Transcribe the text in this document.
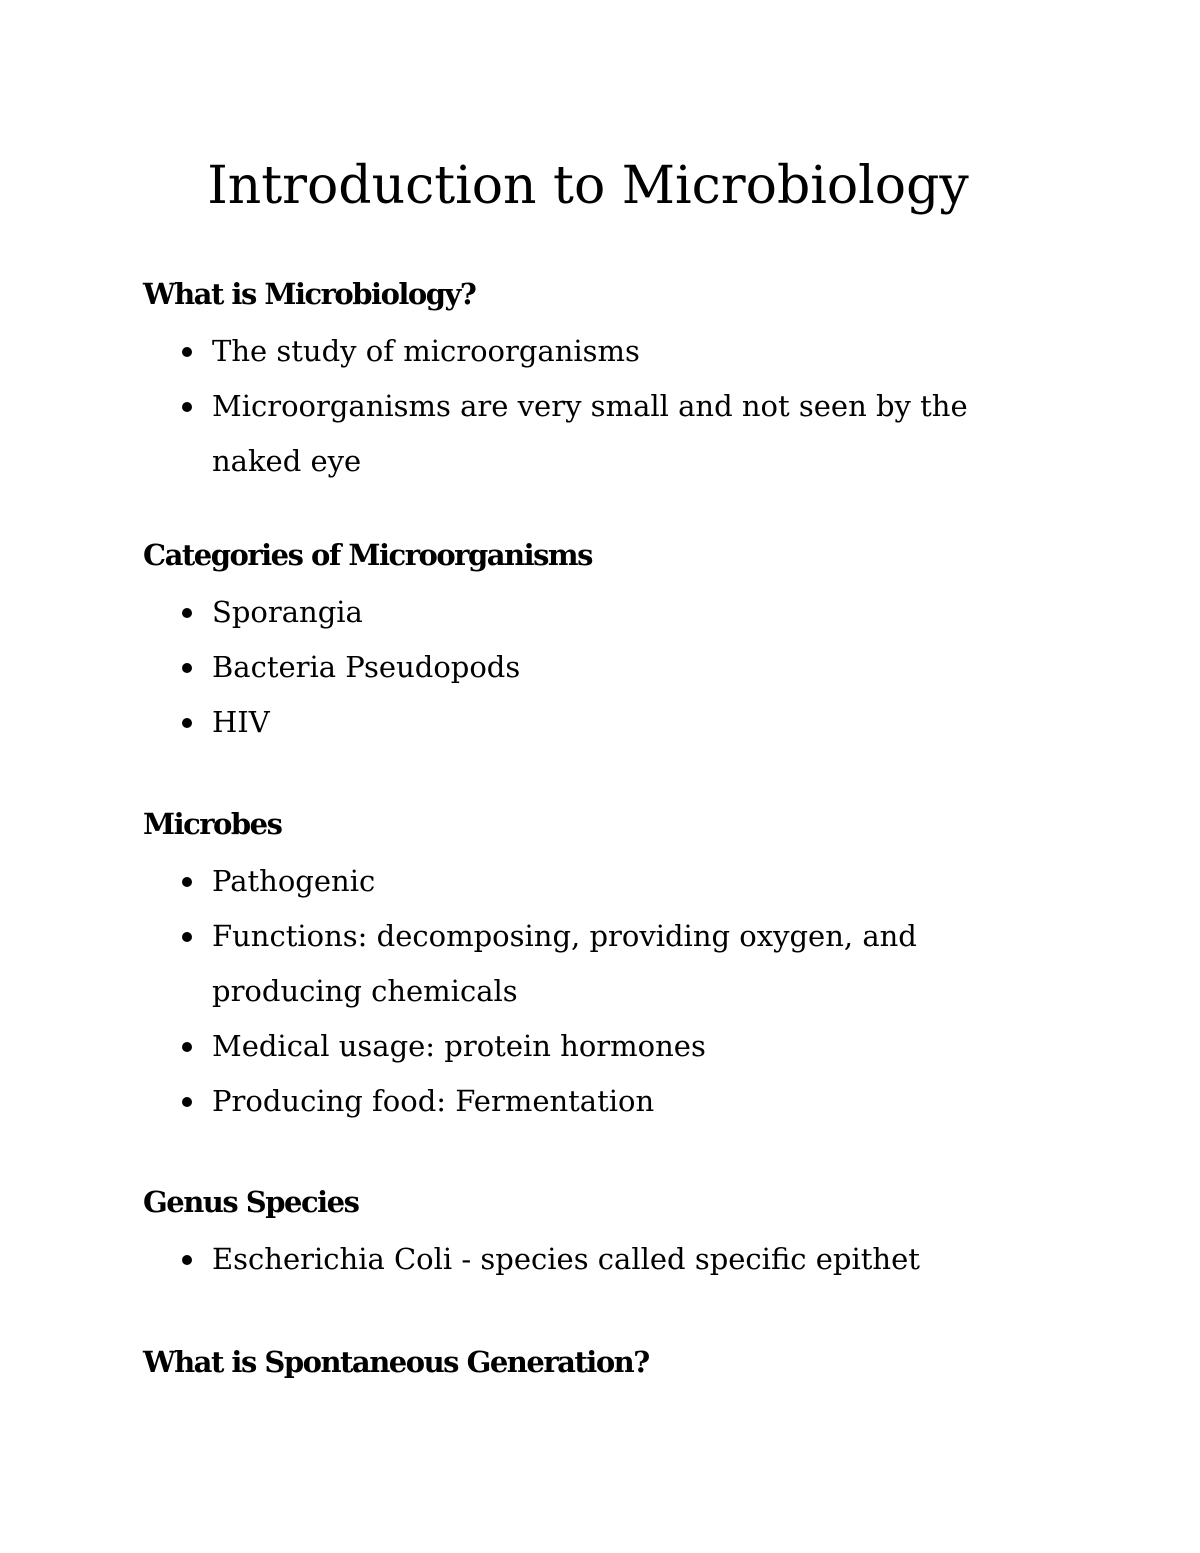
Introduction to Microbiology
What is Microbiology?
The study of microorganisms
Microorganisms are very small and not seen by the naked eye
Categories of Microorganisms
Sporangia
Bacteria Pseudopods
HIV
Microbes
Pathogenic
Functions: decomposing, providing oxygen, and producing chemicals
Medical usage: protein hormones
Producing food: Fermentation
Genus Species
Escherichia Coli - species called specific epithet
What is Spontaneous Generation?
